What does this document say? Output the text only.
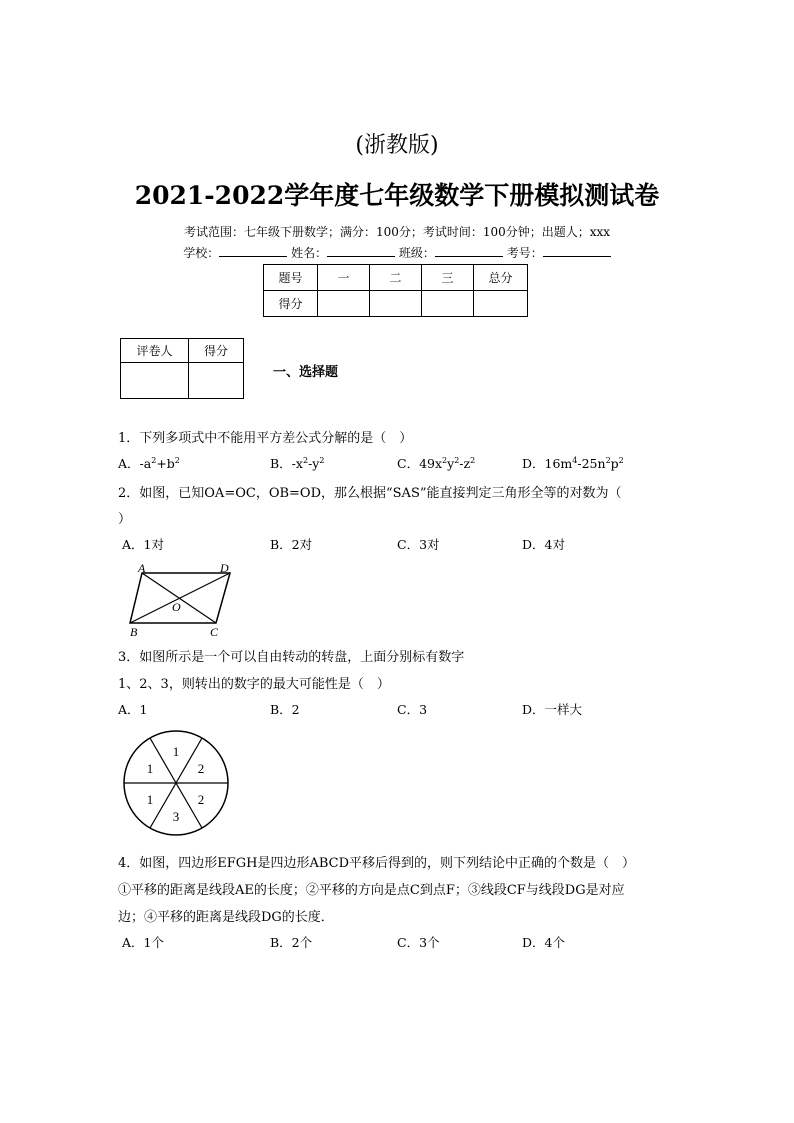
(浙教版)
2021-2022学年度七年级数学下册模拟测试卷
考试范围：七年级下册数学；满分：100分；考试时间：100分钟；出题人；xxx
学校：	姓名：	班级：	考号：
题号	一	二	三	总分
得分				
评卷人	得分

一、选择题
1．下列多项式中不能用平方差公式分解的是（　）
A．$-a^2+b^2$	B．$-x^2-y^2$	C．$49x^2y^2-z^2$	D．$16m^4-25n^2p^2$
2．如图，已知OA=OC，OB=OD，那么根据“SAS”能直接判定三角形全等的对数为（
）
A．1对	B．2对	C．3对	D．4对
A	D
O
B	C
3．如图所示是一个可以自由转动的转盘，上面分别标有数字
1、2、3，则转出的数字的最大可能性是（　）
A．1	B．2	C．3	D．一样大
1
2
2
3
1
1
4．如图，四边形EFGH是四边形ABCD平移后得到的，则下列结论中正确的个数是（　）
①平移的距离是线段AE的长度；②平移的方向是点C到点F；③线段CF与线段DG是对应
边；④平移的距离是线段DG的长度．
A．1个	B．2个	C．3个	D．4个
